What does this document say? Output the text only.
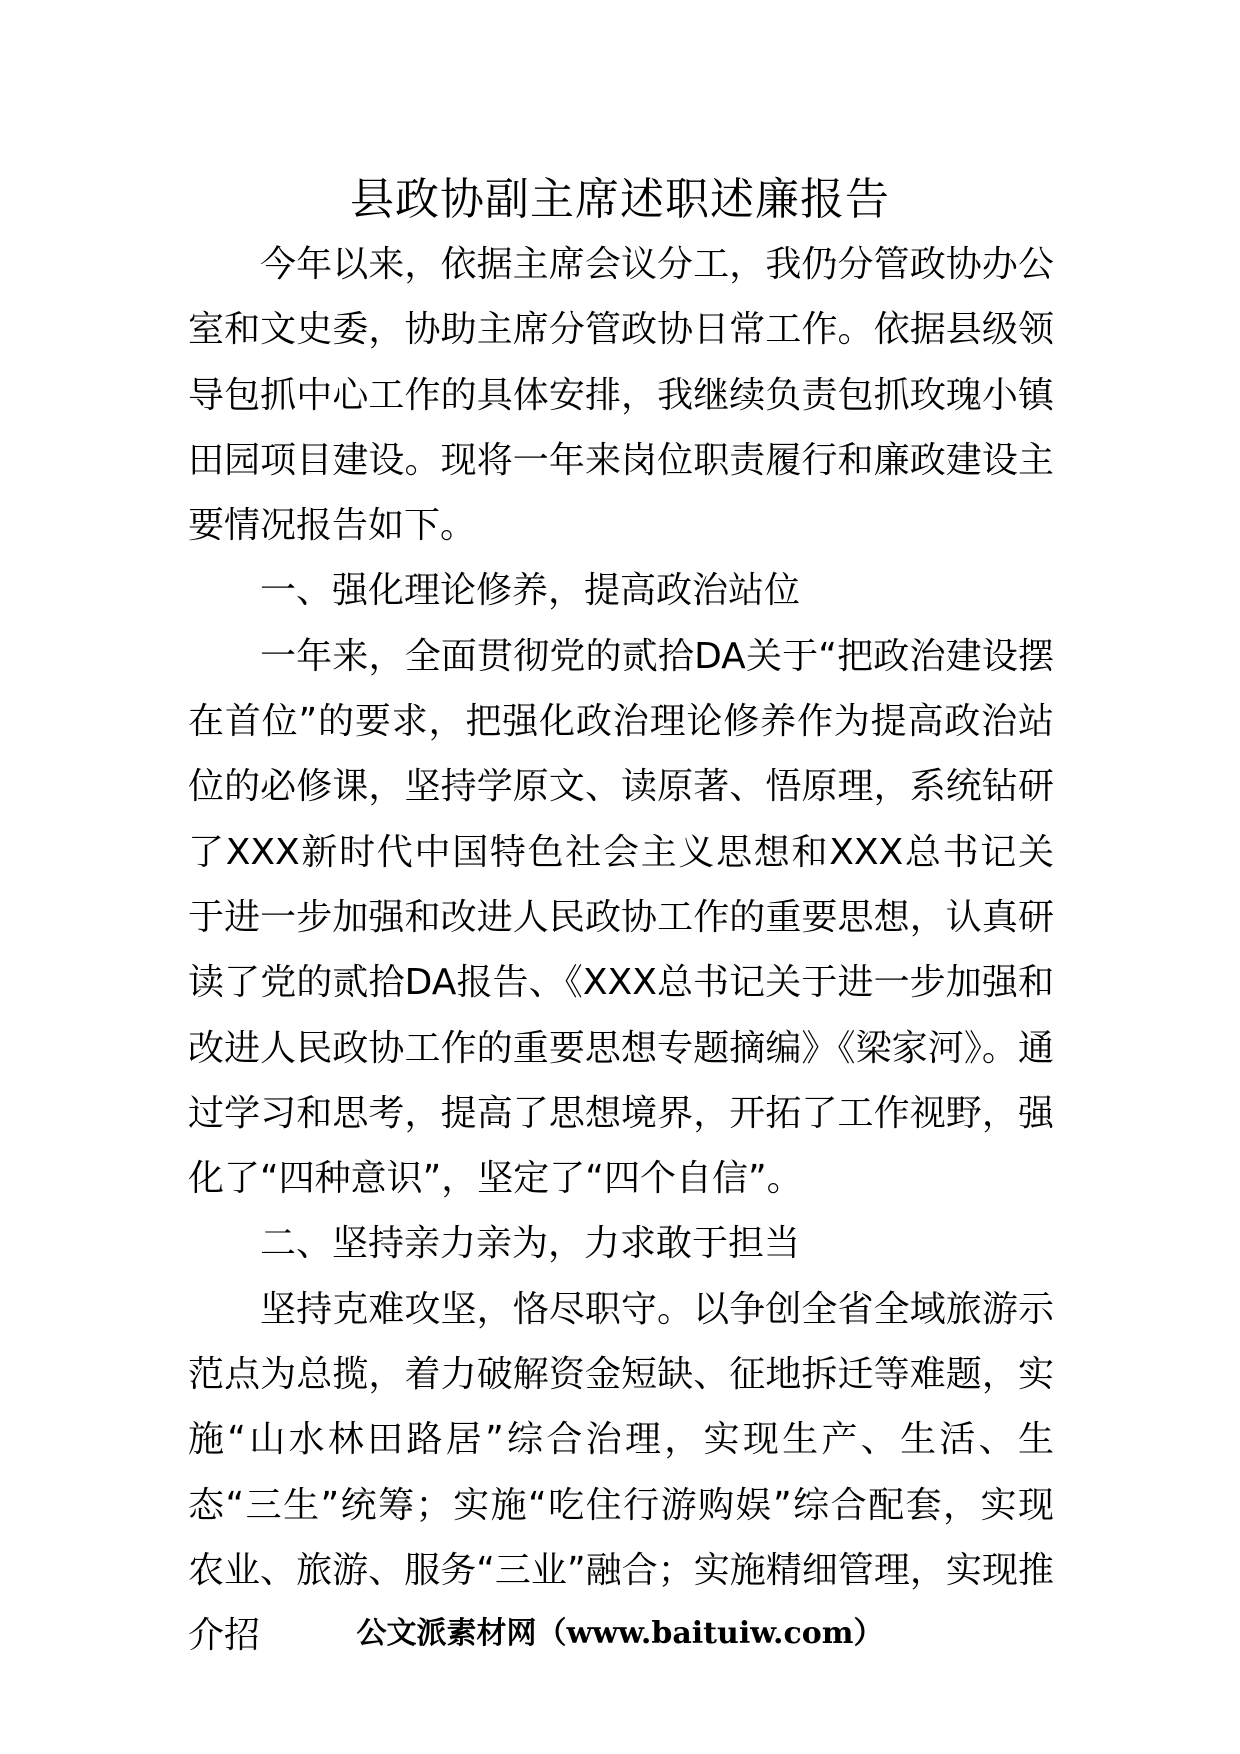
县政协副主席述职述廉报告

今年以来，依据主席会议分工，我仍分管政协办公室和文史委，协助主席分管政协日常工作。依据县级领导包抓中心工作的具体安排，我继续负责包抓玫瑰小镇田园项目建设。现将一年来岗位职责履行和廉政建设主要情况报告如下。

一、强化理论修养，提高政治站位

一年来，全面贯彻党的贰拾DA关于“把政治建设摆在首位”的要求，把强化政治理论修养作为提高政治站位的必修课，坚持学原文、读原著、悟原理，系统钻研了XXX新时代中国特色社会主义思想和XXX总书记关于进一步加强和改进人民政协工作的重要思想，认真研读了党的贰拾DA报告、《XXX总书记关于进一步加强和改进人民政协工作的重要思想专题摘编》《梁家河》。通过学习和思考，提高了思想境界，开拓了工作视野，强化了“四种意识”，坚定了“四个自信”。

二、坚持亲力亲为，力求敢于担当

坚持克难攻坚，恪尽职守。以争创全省全域旅游示范点为总揽，着力破解资金短缺、征地拆迁等难题，实施“山水林田路居”综合治理，实现生产、生活、生态“三生”统筹；实施“吃住行游购娱”综合配套，实现农业、旅游、服务“三业”融合；实施精细管理，实现推介招	公文派素材网（www.baituiw.com）
